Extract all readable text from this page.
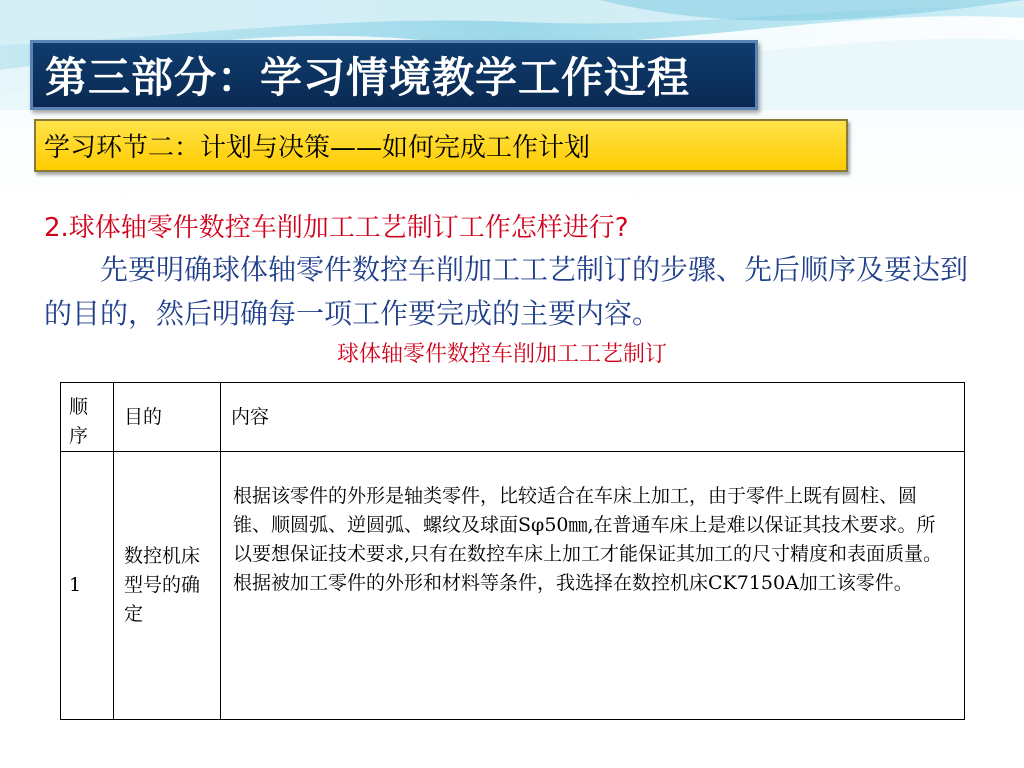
第三部分：学习情境教学工作过程
学习环节二：计划与决策——如何完成工作计划
2.球体轴零件数控车削加工工艺制订工作怎样进行?

先要明确球体轴零件数控车削加工工艺制订的步骤、先后顺序及要达到的目的，然后明确每一项工作要完成的主要内容。

球体轴零件数控车削加工工艺制订
顺序	目的	内容
1	数控机床型号的确定	根据该零件的外形是轴类零件，比较适合在车床上加工，由于零件上既有圆柱、圆锥、顺圆弧、逆圆弧、螺纹及球面Sφ50㎜,在普通车床上是难以保证其技术要求。所以要想保证技术要求,只有在数控车床上加工才能保证其加工的尺寸精度和表面质量。根据被加工零件的外形和材料等条件，我选择在数控机床CK7150A加工该零件。
